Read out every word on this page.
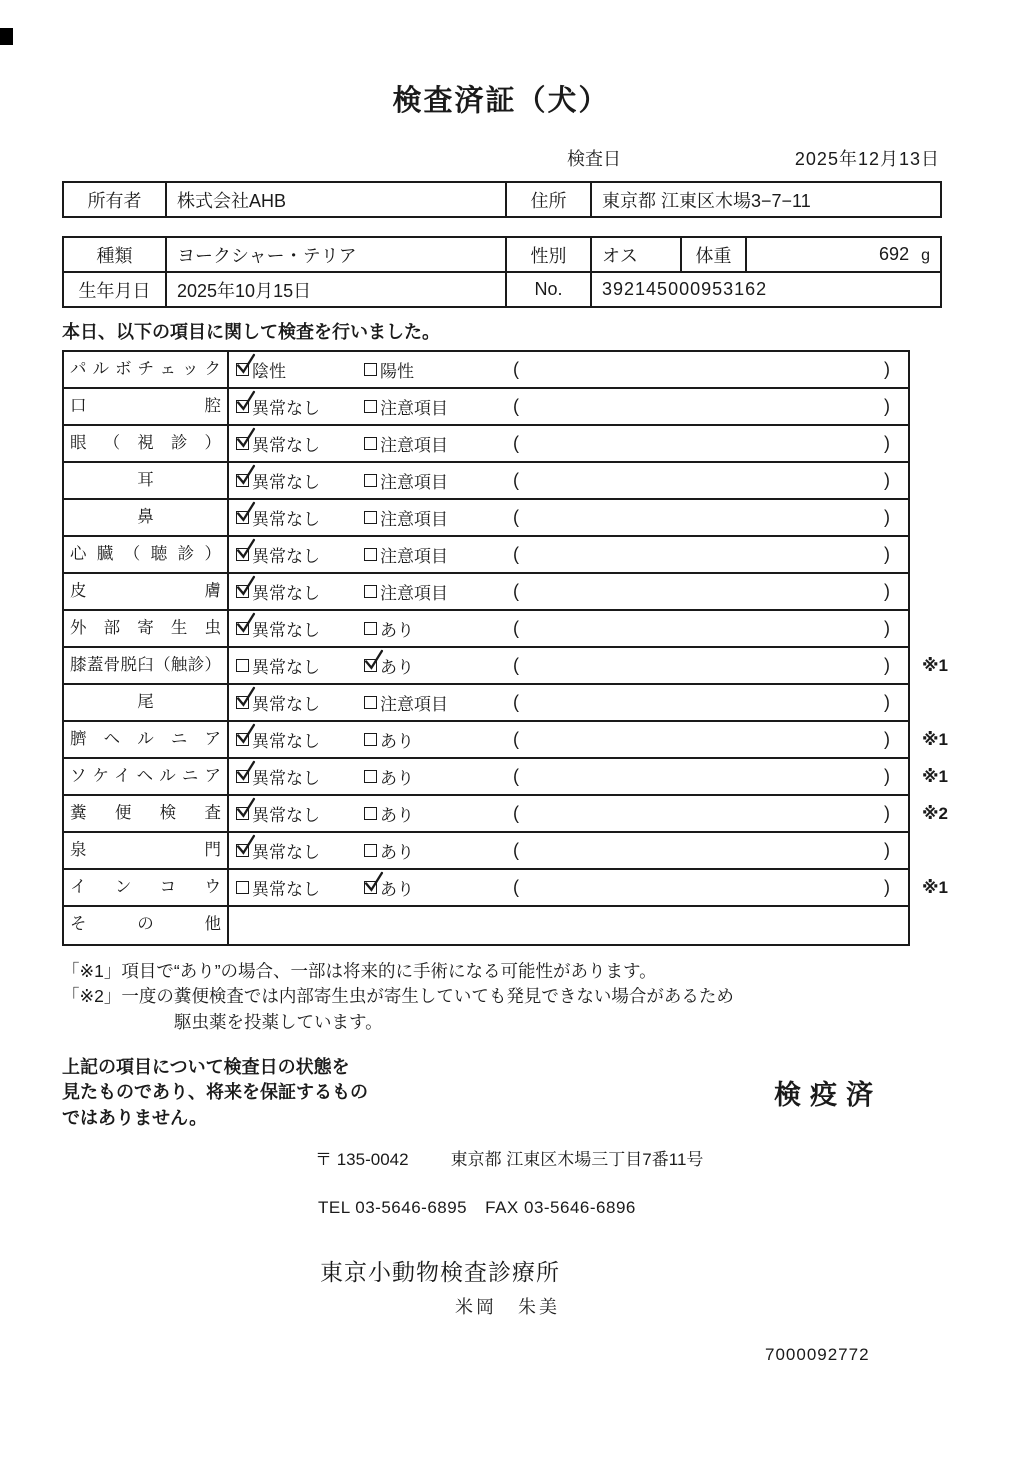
検査済証（犬）
検査日	2025年12月13日
所有者	株式会社AHB	住所	東京都 江東区木場3−7−11
種類	ヨークシャー・テリア	性別	オス	体重	692 g
生年月日	2025年10月15日	No.	392145000953162		
本日、以下の項目に関して検査を行いました。
パルボチェック	陰性	陽性	(	)
口腔	異常なし	注意項目	(	)
眼（視診）	異常なし	注意項目	(	)
耳	異常なし	注意項目	(	)
鼻	異常なし	注意項目	(	)
心臓（聴診）	異常なし	注意項目	(	)
皮膚	異常なし	注意項目	(	)
外部寄生虫	異常なし	あり	(	)
膝蓋骨脱臼（触診）	異常なし	あり	(	) ※1
尾	異常なし	注意項目	(	)
臍ヘルニア	異常なし	あり	(	) ※1
ソケイヘルニア	異常なし	あり	(	) ※1
糞便検査	異常なし	あり	(	) ※2
泉門	異常なし	あり	(	)
インコウ	異常なし	あり	(	) ※1
その他
「※1」項目で“あり”の場合、一部は将来的に手術になる可能性があります。
「※2」一度の糞便検査では内部寄生虫が寄生していても発見できない場合があるため
駆虫薬を投薬しています。
上記の項目について検査日の状態を
見たものであり、将来を保証するもの
ではありません。
検疫済
〒 135-0042 東京都 江東区木場三丁目7番11号
TEL 03-5646-6895 FAX 03-5646-6896
東京小動物検査診療所
米岡　朱美
7000092772
